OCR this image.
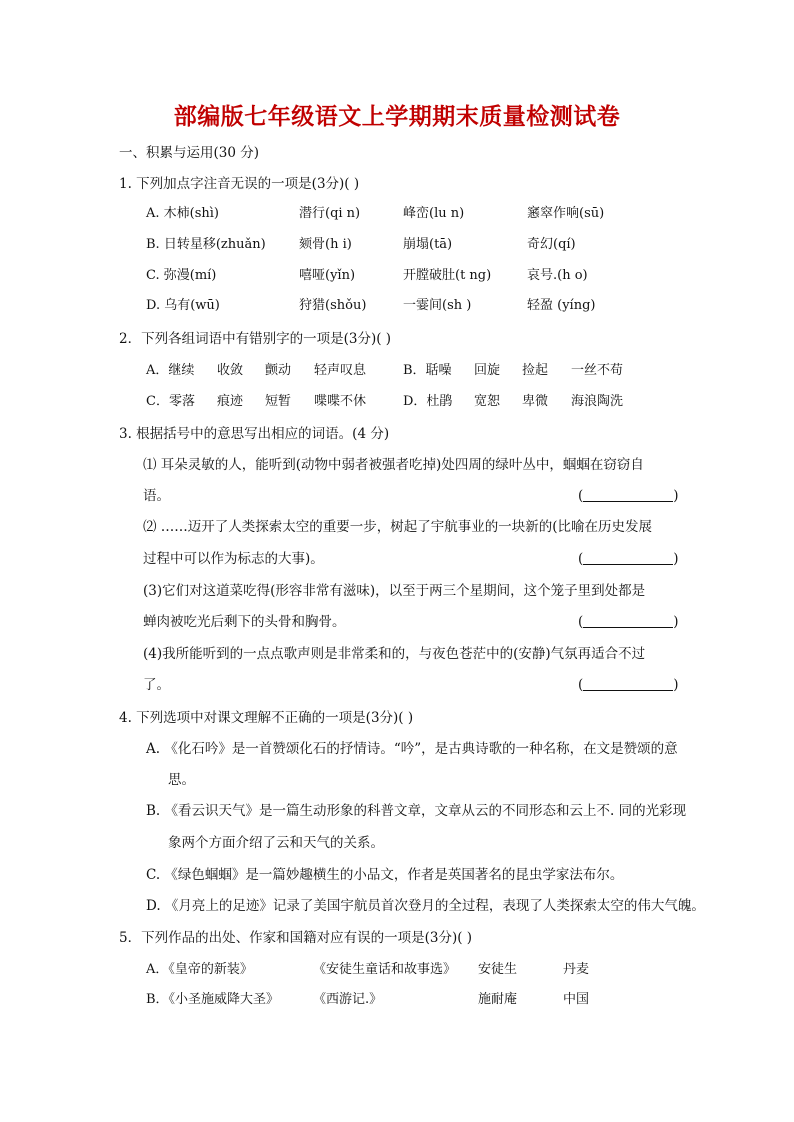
部编版七年级语文上学期期末质量检测试卷
一、积累与运用(30 分)
1. 下列加点字注音无误的一项是(3分)( )
A. 木柿(shì)	潜行(qi n)	峰峦(lu n)	窸窣作响(sū)
B. 日转星移(zhuǎn)	颏骨(h i)	崩塌(tā)	奇幻(qí)
C. 弥漫(mí)	嘻哑(yǐn)	开膛破肚(t ng)	哀号.(h o)
D. 乌有(wū)	狩猎(shǒu)	一霎间(sh )	轻盈 (yíng)
2．下列各组词语中有错别字的一项是(3分)( )
A．继续 收敛 颤动 轻声叹息	B．聒噪 回旋 捡起 一丝不苟
C．零落 痕迹 短暂 喋喋不休	D．杜鹃 宽恕 卑微 海浪陶洗
3. 根据括号中的意思写出相应的词语。(4 分)
⑴ 耳朵灵敏的人，能听到(动物中弱者被强者吃掉)处四周的绿叶丛中，蝈蝈在窃窃自
语。	(	)
⑵ ……迈开了人类探索太空的重要一步，树起了宇航事业的一块新的(比喻在历史发展
过程中可以作为标志的大事)。	(	)
(3)它们对这道菜吃得(形容非常有滋味)，以至于两三个星期间，这个笼子里到处都是
蝉肉被吃光后剩下的头骨和胸骨。	(	)
(4)我所能听到的一点点歌声则是非常柔和的，与夜色苍茫中的(安静)气氛再适合不过
了。	(	)
4. 下列选项中对课文理解不正确的一项是(3分)( )
A. 《化石吟》是一首赞颂化石的抒情诗。“吟”，是古典诗歌的一种名称，在文是赞颂的意
思。
B. 《看云识天气》是一篇生动形象的科普文章，文章从云的不同形态和云上不. 同的光彩现
象两个方面介绍了云和天气的关系。
C. 《绿色蝈蝈》是一篇妙趣横生的小品文，作者是英国著名的昆虫学家法布尔。
D. 《月亮上的足迹》记录了美国宇航员首次登月的全过程，表现了人类探索太空的伟大气魄。
5．下列作品的出处、作家和国籍对应有误的一项是(3分)( )
A．《皇帝的新装》	《安徒生童话和故事选》 安徒生	丹麦
B．《小圣施威降大圣》	《西游记.》	施耐庵	中国
